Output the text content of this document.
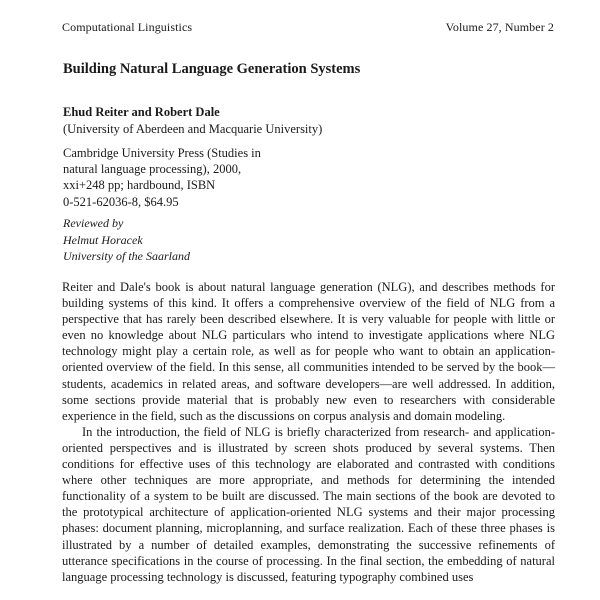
Computational Linguistics	Volume 27, Number 2
Building Natural Language Generation Systems
Ehud Reiter and Robert Dale
(University of Aberdeen and Macquarie University)
Cambridge University Press (Studies in
natural language processing), 2000,
xxi+248 pp; hardbound, ISBN
0-521-62036-8, $64.95
Reviewed by
Helmut Horacek
University of the Saarland

Reiter and Dale's book is about natural language generation (NLG), and describes methods for building systems of this kind. It offers a comprehensive overview of the field of NLG from a perspective that has rarely been described elsewhere. It is very valuable for people with little or even no knowledge about NLG particulars who intend to investigate applications where NLG technology might play a certain role, as well as for people who want to obtain an application-oriented overview of the field. In this sense, all communities intended to be served by the book—students, academics in related areas, and software developers—are well addressed. In addition, some sections provide material that is probably new even to researchers with considerable experience in the field, such as the discussions on corpus analysis and domain modeling.

In the introduction, the field of NLG is briefly characterized from research- and application-oriented perspectives and is illustrated by screen shots produced by several systems. Then conditions for effective uses of this technology are elaborated and contrasted with conditions where other techniques are more appropriate, and methods for determining the intended functionality of a system to be built are discussed. The main sections of the book are devoted to the prototypical architecture of application-oriented NLG systems and their major processing phases: document planning, microplanning, and surface realization. Each of these three phases is illustrated by a number of detailed examples, demonstrating the successive refinements of utterance specifications in the course of processing. In the final section, the embedding of natural language processing technology is discussed, featuring typography combined uses
